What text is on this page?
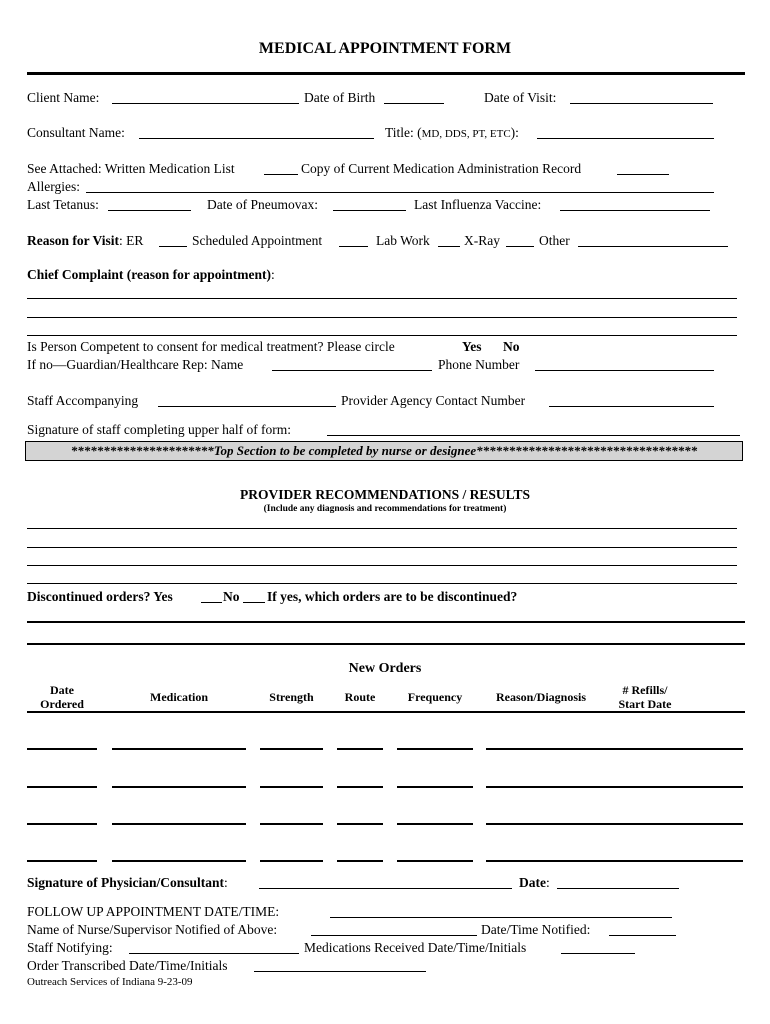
MEDICAL APPOINTMENT FORM
Client Name:	Date of Birth	Date of Visit:
Consultant Name:	Title: (MD, DDS, PT, ETC):
See Attached: Written Medication List	Copy of Current Medication Administration Record
Allergies:
Last Tetanus:	Date of Pneumovax:	Last Influenza Vaccine:
Reason for Visit: ER	Scheduled Appointment	Lab Work	X-Ray	Other
Chief Complaint (reason for appointment):
Is Person Competent to consent for medical treatment? Please circle	Yes No
If no—Guardian/Healthcare Rep: Name	Phone Number
Staff Accompanying	Provider Agency Contact Number
Signature of staff completing upper half of form:
**********************Top Section to be completed by nurse or designee**********************************
PROVIDER RECOMMENDATIONS / RESULTS
(Include any diagnosis and recommendations for treatment)
Discontinued orders? Yes	No If yes, which orders are to be discontinued?
New Orders
Date
Ordered	Medication	Strength	Route	Frequency	Reason/Diagnosis	# Refills/
Start Date
Signature of Physician/Consultant:	Date:
FOLLOW UP APPOINTMENT DATE/TIME:
Name of Nurse/Supervisor Notified of Above:	Date/Time Notified:
Staff Notifying:	Medications Received Date/Time/Initials
Order Transcribed Date/Time/Initials
Outreach Services of Indiana 9-23-09
